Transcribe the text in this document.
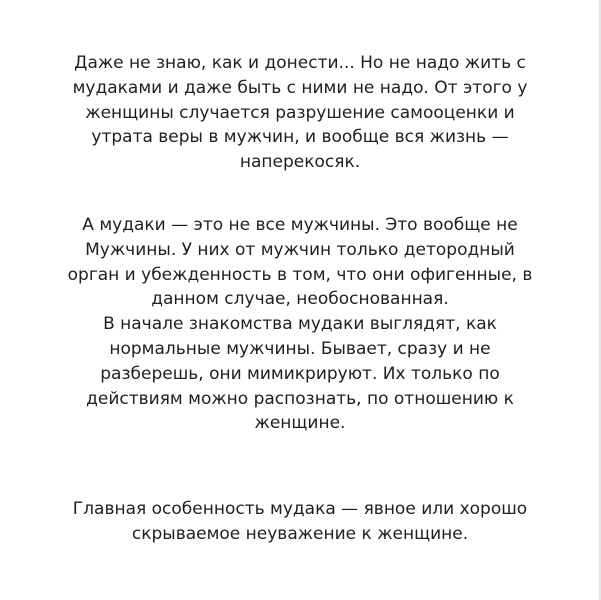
Даже не знаю, как и донести... Но не надо жить с
мудаками и даже быть с ними не надо. От этого у
женщины случается разрушение самооценки и
утрата веры в мужчин, и вообще вся жизнь —
наперекосяк.
А мудаки — это не все мужчины. Это вообще не
Мужчины. У них от мужчин только детородный
орган и убежденность в том, что они офигенные, в
данном случае, необоснованная.
В начале знакомства мудаки выглядят, как
нормальные мужчины. Бывает, сразу и не
разберешь, они мимикрируют. Их только по
действиям можно распознать, по отношению к
женщине.
Главная особенность мудака — явное или хорошо
скрываемое неуважение к женщине.
